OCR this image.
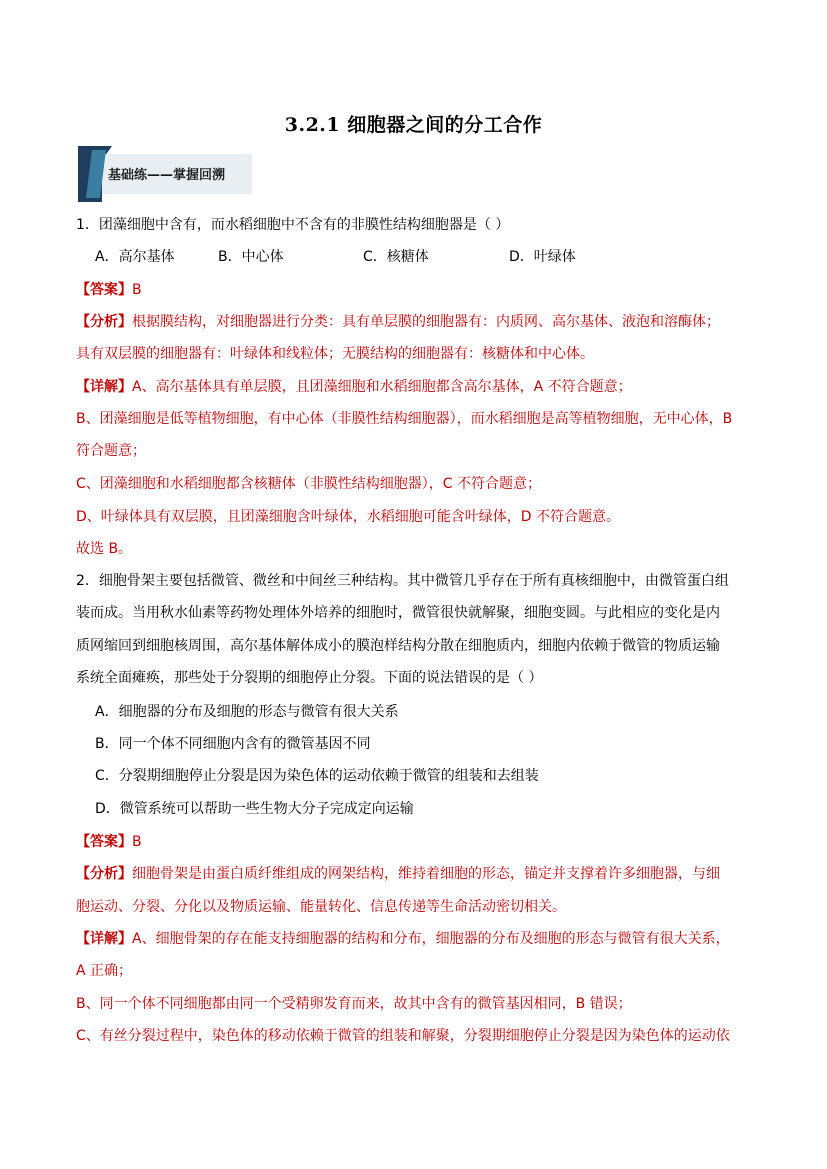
3.2.1 细胞器之间的分工合作
基础练——掌握回溯
1．团藻细胞中含有，而水稻细胞中不含有的非膜性结构细胞器是（ ）
A．高尔基体	B．中心体	C．核糖体	D．叶绿体
【答案】B
【分析】根据膜结构，对细胞器进行分类：具有单层膜的细胞器有：内质网、高尔基体、液泡和溶酶体；
具有双层膜的细胞器有：叶绿体和线粒体；无膜结构的细胞器有：核糖体和中心体。
【详解】A、高尔基体具有单层膜，且团藻细胞和水稻细胞都含高尔基体，A 不符合题意；
B、团藻细胞是低等植物细胞，有中心体（非膜性结构细胞器），而水稻细胞是高等植物细胞，无中心体，B
符合题意；
C、团藻细胞和水稻细胞都含核糖体（非膜性结构细胞器），C 不符合题意；
D、叶绿体具有双层膜，且团藻细胞含叶绿体，水稻细胞可能含叶绿体，D 不符合题意。
故选 B。
2．细胞骨架主要包括微管、微丝和中间丝三种结构。其中微管几乎存在于所有真核细胞中，由微管蛋白组
装而成。当用秋水仙素等药物处理体外培养的细胞时，微管很快就解聚，细胞变圆。与此相应的变化是内
质网缩回到细胞核周围，高尔基体解体成小的膜泡样结构分散在细胞质内，细胞内依赖于微管的物质运输
系统全面瘫痪，那些处于分裂期的细胞停止分裂。下面的说法错误的是（ ）
A．细胞器的分布及细胞的形态与微管有很大关系
B．同一个体不同细胞内含有的微管基因不同
C．分裂期细胞停止分裂是因为染色体的运动依赖于微管的组装和去组装
D．微管系统可以帮助一些生物大分子完成定向运输
【答案】B
【分析】细胞骨架是由蛋白质纤维组成的网架结构，维持着细胞的形态，锚定并支撑着许多细胞器，与细
胞运动、分裂、分化以及物质运输、能量转化、信息传递等生命活动密切相关。
【详解】A、细胞骨架的存在能支持细胞器的结构和分布，细胞器的分布及细胞的形态与微管有很大关系，
A 正确；
B、同一个体不同细胞都由同一个受精卵发育而来，故其中含有的微管基因相同，B 错误；
C、有丝分裂过程中，染色体的移动依赖于微管的组装和解聚，分裂期细胞停止分裂是因为染色体的运动依
